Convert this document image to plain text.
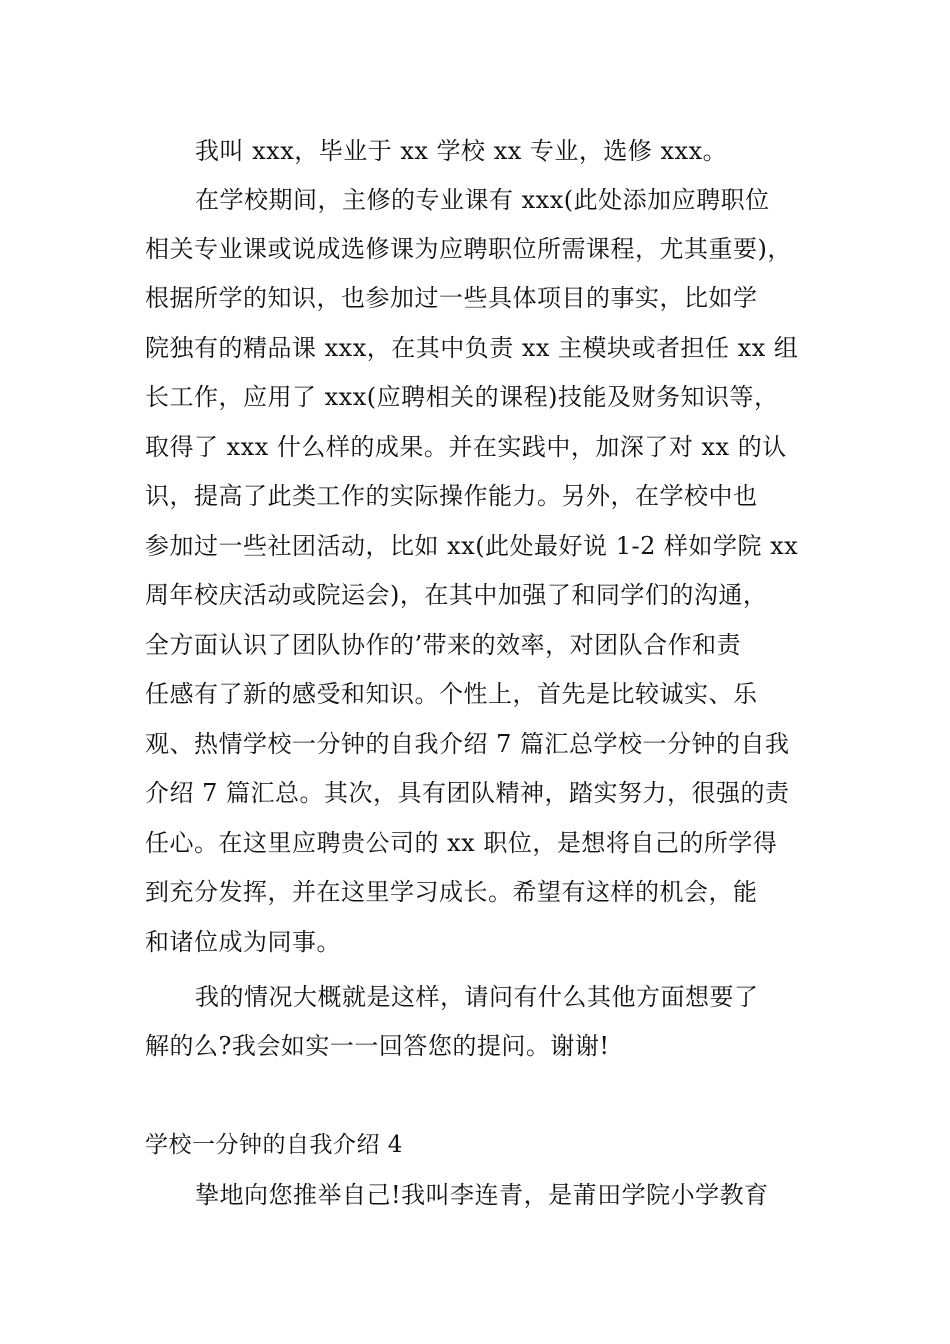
我叫 xxx，毕业于 xx 学校 xx 专业，选修 xxx。
在学校期间，主修的专业课有 xxx(此处添加应聘职位
相关专业课或说成选修课为应聘职位所需课程，尤其重要)，
根据所学的知识，也参加过一些具体项目的事实，比如学
院独有的精品课 xxx，在其中负责 xx 主模块或者担任 xx 组
长工作，应用了 xxx(应聘相关的课程)技能及财务知识等，
取得了 xxx 什么样的成果。并在实践中，加深了对 xx 的认
识，提高了此类工作的实际操作能力。另外，在学校中也
参加过一些社团活动，比如 xx(此处最好说 1-2 样如学院 xx
周年校庆活动或院运会)，在其中加强了和同学们的沟通，
全方面认识了团队协作的’带来的效率，对团队合作和责
任感有了新的感受和知识。个性上，首先是比较诚实、乐
观、热情学校一分钟的自我介绍 7 篇汇总学校一分钟的自我
介绍 7 篇汇总。其次，具有团队精神，踏实努力，很强的责
任心。在这里应聘贵公司的 xx 职位，是想将自己的所学得
到充分发挥，并在这里学习成长。希望有这样的机会，能
和诸位成为同事。
我的情况大概就是这样，请问有什么其他方面想要了
解的么?我会如实一一回答您的提问。谢谢!
学校一分钟的自我介绍 4
挚地向您推举自己!我叫李连青，是莆田学院小学教育
